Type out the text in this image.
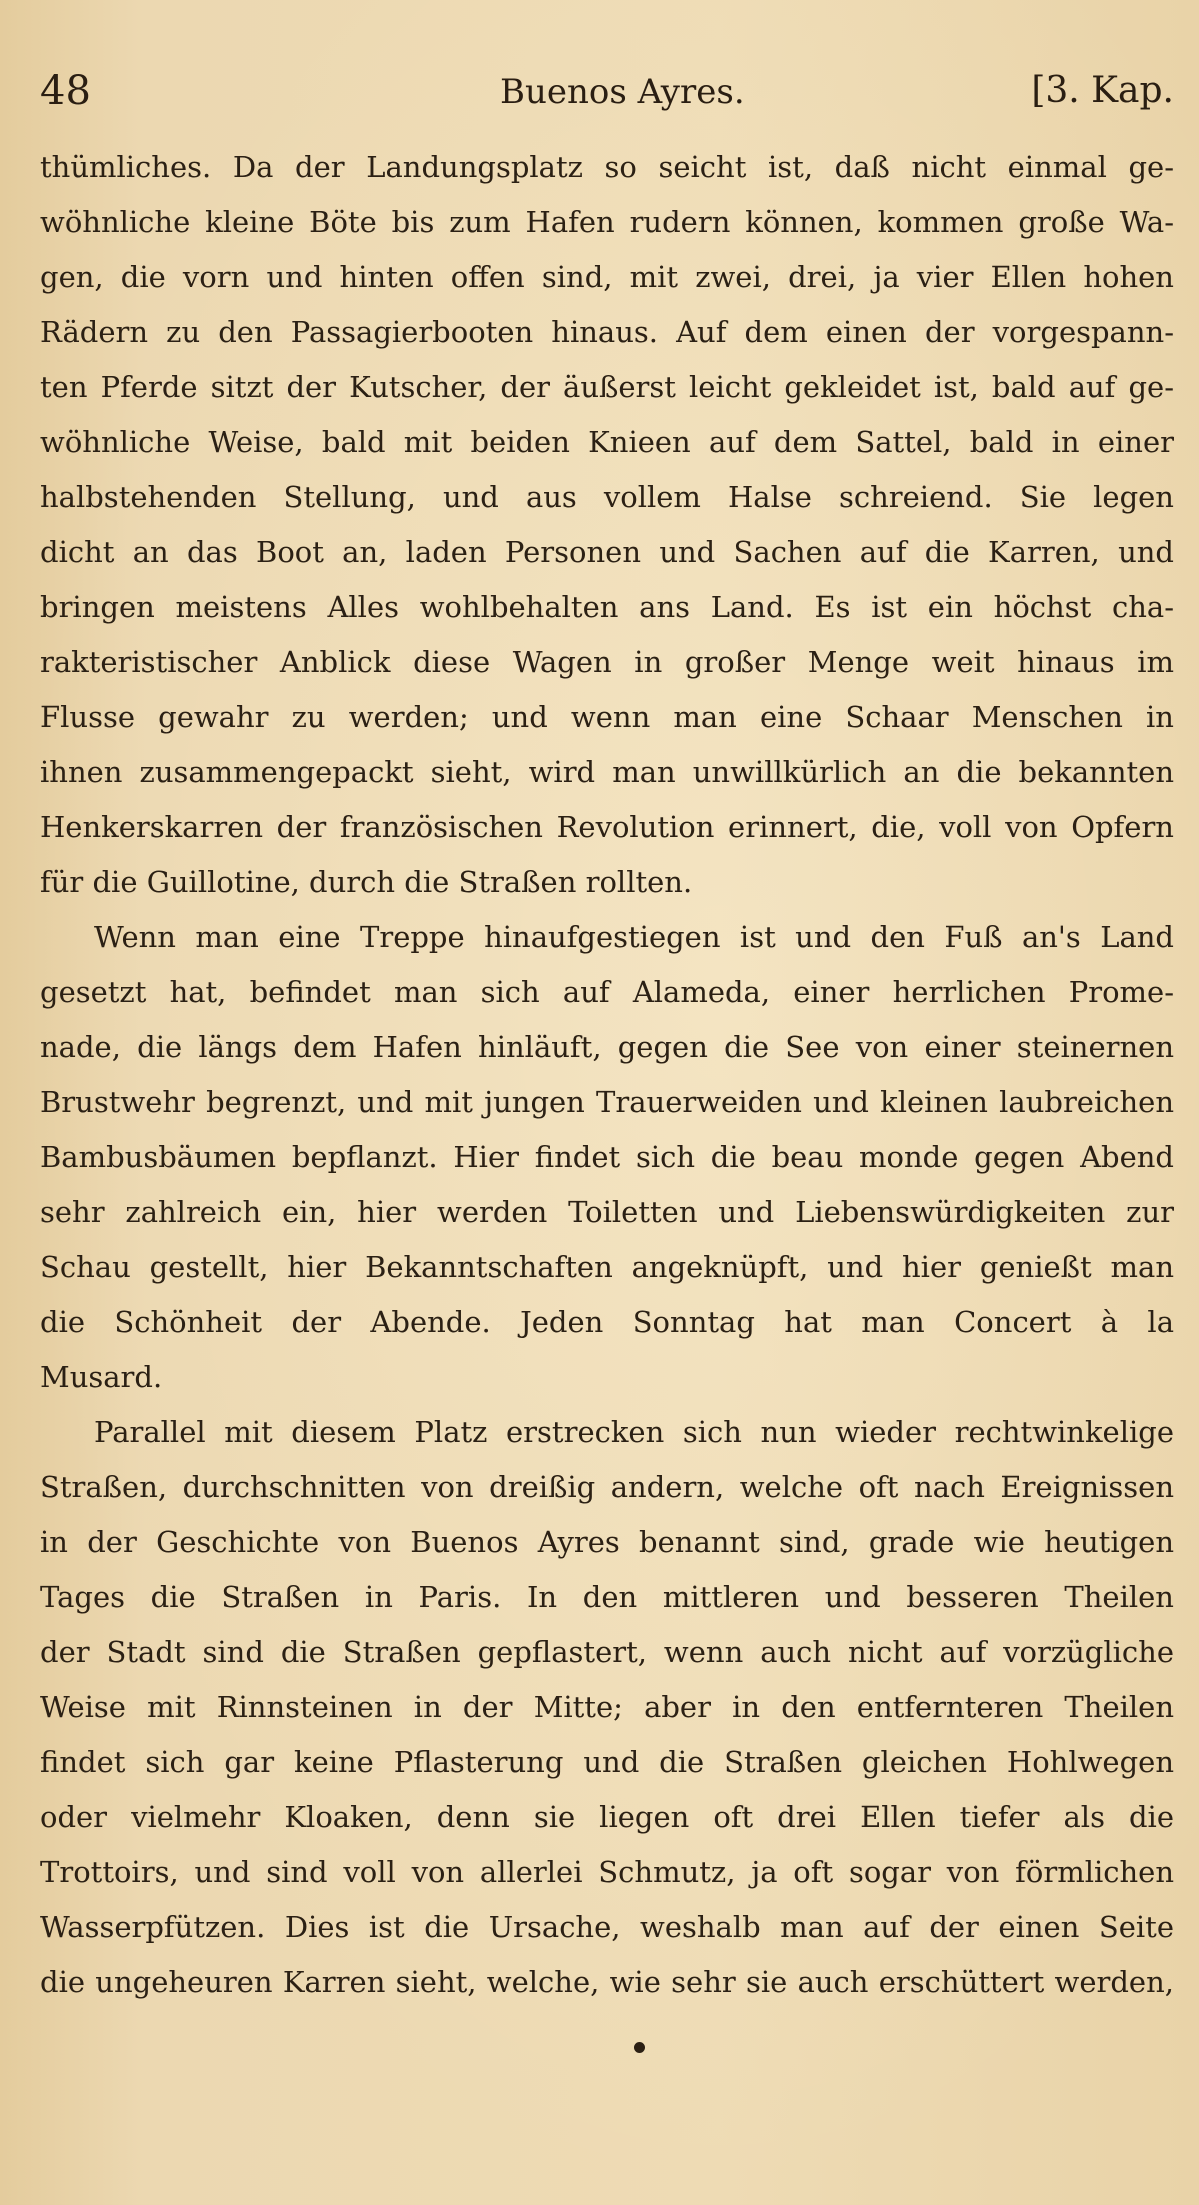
48	Buenos Ayres.	[3. Kap.
thümliches. Da der Landungsplatz so seicht ist, daß nicht einmal ge-
wöhnliche kleine Böte bis zum Hafen rudern können, kommen große Wa-
gen, die vorn und hinten offen sind, mit zwei, drei, ja vier Ellen hohen
Rädern zu den Passagierbooten hinaus. Auf dem einen der vorgespann-
ten Pferde sitzt der Kutscher, der äußerst leicht gekleidet ist, bald auf ge-
wöhnliche Weise, bald mit beiden Knieen auf dem Sattel, bald in einer
halbstehenden Stellung, und aus vollem Halse schreiend. Sie legen
dicht an das Boot an, laden Personen und Sachen auf die Karren, und
bringen meistens Alles wohlbehalten ans Land. Es ist ein höchst cha-
rakteristischer Anblick diese Wagen in großer Menge weit hinaus im
Flusse gewahr zu werden; und wenn man eine Schaar Menschen in
ihnen zusammengepackt sieht, wird man unwillkürlich an die bekannten
Henkerskarren der französischen Revolution erinnert, die, voll von Opfern
für die Guillotine, durch die Straßen rollten.
Wenn man eine Treppe hinaufgestiegen ist und den Fuß an's Land
gesetzt hat, befindet man sich auf Alameda, einer herrlichen Prome-
nade, die längs dem Hafen hinläuft, gegen die See von einer steinernen
Brustwehr begrenzt, und mit jungen Trauerweiden und kleinen laubreichen
Bambusbäumen bepflanzt. Hier findet sich die beau monde gegen Abend
sehr zahlreich ein, hier werden Toiletten und Liebenswürdigkeiten zur
Schau gestellt, hier Bekanntschaften angeknüpft, und hier genießt man
die Schönheit der Abende. Jeden Sonntag hat man Concert à la
Musard.
Parallel mit diesem Platz erstrecken sich nun wieder rechtwinkelige
Straßen, durchschnitten von dreißig andern, welche oft nach Ereignissen
in der Geschichte von Buenos Ayres benannt sind, grade wie heutigen
Tages die Straßen in Paris. In den mittleren und besseren Theilen
der Stadt sind die Straßen gepflastert, wenn auch nicht auf vorzügliche
Weise mit Rinnsteinen in der Mitte; aber in den entfernteren Theilen
findet sich gar keine Pflasterung und die Straßen gleichen Hohlwegen
oder vielmehr Kloaken, denn sie liegen oft drei Ellen tiefer als die
Trottoirs, und sind voll von allerlei Schmutz, ja oft sogar von förmlichen
Wasserpfützen. Dies ist die Ursache, weshalb man auf der einen Seite
die ungeheuren Karren sieht, welche, wie sehr sie auch erschüttert werden,
